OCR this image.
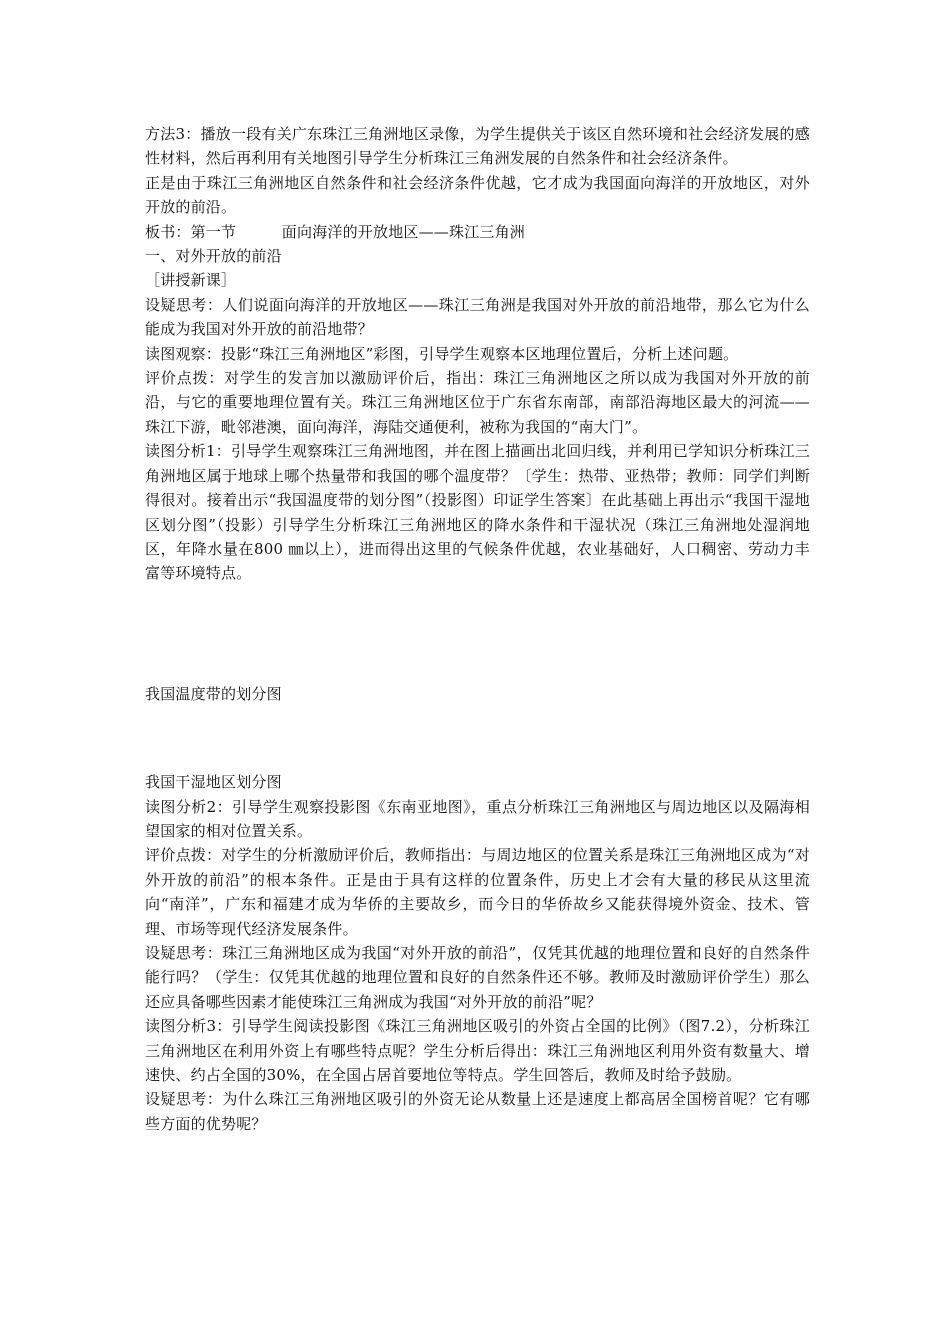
方法3：播放一段有关广东珠江三角洲地区录像，为学生提供关于该区自然环境和社会经济发展的感性材料，然后再利用有关地图引导学生分析珠江三角洲发展的自然条件和社会经济条件。

正是由于珠江三角洲地区自然条件和社会经济条件优越，它才成为我国面向海洋的开放地区，对外开放的前沿。

板书：第一节　　　面向海洋的开放地区——珠江三角洲

一、对外开放的前沿

［讲授新课］

设疑思考：人们说面向海洋的开放地区——珠江三角洲是我国对外开放的前沿地带，那么它为什么能成为我国对外开放的前沿地带？

读图观察：投影“珠江三角洲地区”彩图，引导学生观察本区地理位置后，分析上述问题。

评价点拨：对学生的发言加以激励评价后，指出：珠江三角洲地区之所以成为我国对外开放的前沿，与它的重要地理位置有关。珠江三角洲地区位于广东省东南部，南部沿海地区最大的河流——珠江下游，毗邻港澳，面向海洋，海陆交通便利，被称为我国的“南大门”。

读图分析1：引导学生观察珠江三角洲地图，并在图上描画出北回归线，并利用已学知识分析珠江三角洲地区属于地球上哪个热量带和我国的哪个温度带？〔学生：热带、亚热带；教师：同学们判断得很对。接着出示“我国温度带的划分图”（投影图）印证学生答案〕在此基础上再出示“我国干湿地区划分图”（投影）引导学生分析珠江三角洲地区的降水条件和干湿状况（珠江三角洲地处湿润地区，年降水量在800 ㎜以上），进而得出这里的气候条件优越，农业基础好，人口稠密、劳动力丰富等环境特点。

我国温度带的划分图

我国干湿地区划分图

读图分析2：引导学生观察投影图《东南亚地图》，重点分析珠江三角洲地区与周边地区以及隔海相望国家的相对位置关系。

评价点拨：对学生的分析激励评价后，教师指出：与周边地区的位置关系是珠江三角洲地区成为“对外开放的前沿”的根本条件。正是由于具有这样的位置条件，历史上才会有大量的移民从这里流向“南洋”，广东和福建才成为华侨的主要故乡，而今日的华侨故乡又能获得境外资金、技术、管理、市场等现代经济发展条件。

设疑思考：珠江三角洲地区成为我国“对外开放的前沿”，仅凭其优越的地理位置和良好的自然条件能行吗？（学生：仅凭其优越的地理位置和良好的自然条件还不够。教师及时激励评价学生）那么还应具备哪些因素才能使珠江三角洲成为我国“对外开放的前沿”呢？

读图分析3：引导学生阅读投影图《珠江三角洲地区吸引的外资占全国的比例》（图7.2），分析珠江三角洲地区在利用外资上有哪些特点呢？学生分析后得出：珠江三角洲地区利用外资有数量大、增速快、约占全国的30%，在全国占居首要地位等特点。学生回答后，教师及时给予鼓励。

设疑思考：为什么珠江三角洲地区吸引的外资无论从数量上还是速度上都高居全国榜首呢？它有哪些方面的优势呢？
